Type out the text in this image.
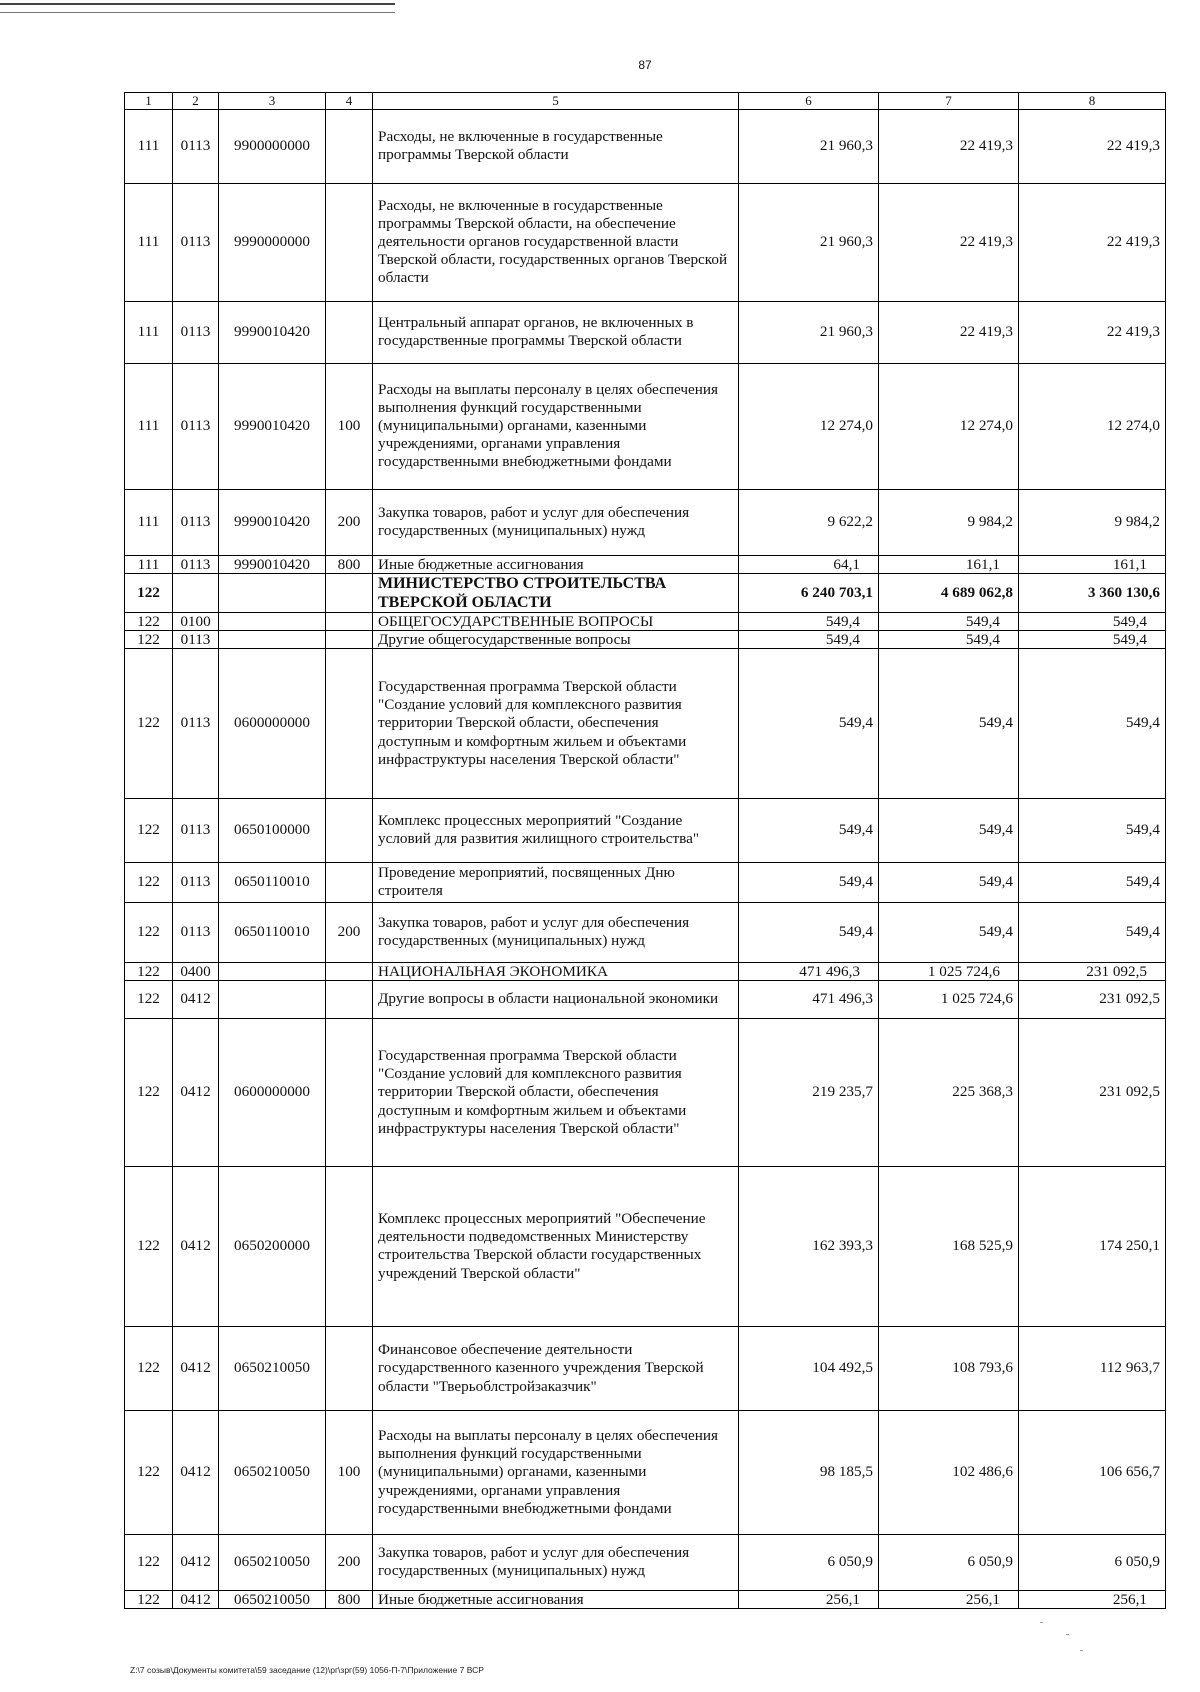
87
1	2	3	4	5	6	7	8
111	0113	9900000000		Расходы, не включенные в государственные программы Тверской области	21 960,3	22 419,3	22 419,3
111	0113	9990000000		Расходы, не включенные в государственные программы Тверской области, на обеспечение деятельности органов государственной власти Тверской области, государственных органов Тверской области	21 960,3	22 419,3	22 419,3
111	0113	9990010420		Центральный аппарат органов, не включенных в государственные программы Тверской области	21 960,3	22 419,3	22 419,3
111	0113	9990010420	100	Расходы на выплаты персоналу в целях обеспечения выполнения функций государственными (муниципальными) органами, казенными учреждениями, органами управления государственными внебюджетными фондами	12 274,0	12 274,0	12 274,0
111	0113	9990010420	200	Закупка товаров, работ и услуг для обеспечения государственных (муниципальных) нужд	9 622,2	9 984,2	9 984,2
111	0113	9990010420	800	Иные бюджетные ассигнования	64,1	161,1	161,1
122				МИНИСТЕРСТВО СТРОИТЕЛЬСТВА ТВЕРСКОЙ ОБЛАСТИ	6 240 703,1	4 689 062,8	3 360 130,6
122	0100			ОБЩЕГОСУДАРСТВЕННЫЕ ВОПРОСЫ	549,4	549,4	549,4
122	0113			Другие общегосударственные вопросы	549,4	549,4	549,4
122	0113	0600000000		Государственная программа Тверской области "Создание условий для комплексного развития территории Тверской области, обеспечения доступным и комфортным жильем и объектами инфраструктуры населения Тверской области"	549,4	549,4	549,4
122	0113	0650100000		Комплекс процессных мероприятий "Создание условий для развития жилищного строительства"	549,4	549,4	549,4
122	0113	0650110010		Проведение мероприятий, посвященных Дню строителя	549,4	549,4	549,4
122	0113	0650110010	200	Закупка товаров, работ и услуг для обеспечения государственных (муниципальных) нужд	549,4	549,4	549,4
122	0400			НАЦИОНАЛЬНАЯ ЭКОНОМИКА	471 496,3	1 025 724,6	231 092,5
122	0412			Другие вопросы в области национальной экономики	471 496,3	1 025 724,6	231 092,5
122	0412	0600000000		Государственная программа Тверской области "Создание условий для комплексного развития территории Тверской области, обеспечения доступным и комфортным жильем и объектами инфраструктуры населения Тверской области"	219 235,7	225 368,3	231 092,5
122	0412	0650200000		Комплекс процессных мероприятий "Обеспечение деятельности подведомственных Министерству строительства Тверской области государственных учреждений Тверской области"	162 393,3	168 525,9	174 250,1
122	0412	0650210050		Финансовое обеспечение деятельности государственного казенного учреждения Тверской области "Тверьоблстройзаказчик"	104 492,5	108 793,6	112 963,7
122	0412	0650210050	100	Расходы на выплаты персоналу в целях обеспечения выполнения функций государственными (муниципальными) органами, казенными учреждениями, органами управления государственными внебюджетными фондами	98 185,5	102 486,6	106 656,7
122	0412	0650210050	200	Закупка товаров, работ и услуг для обеспечения государственных (муниципальных) нужд	6 050,9	6 050,9	6 050,9
122	0412	0650210050	800	Иные бюджетные ассигнования	256,1	256,1	256,1
Z:\7 созыв\Документы комитета\59 заседание (12)\рг\зрг(59) 1056-П-7\Приложение 7 ВСР
